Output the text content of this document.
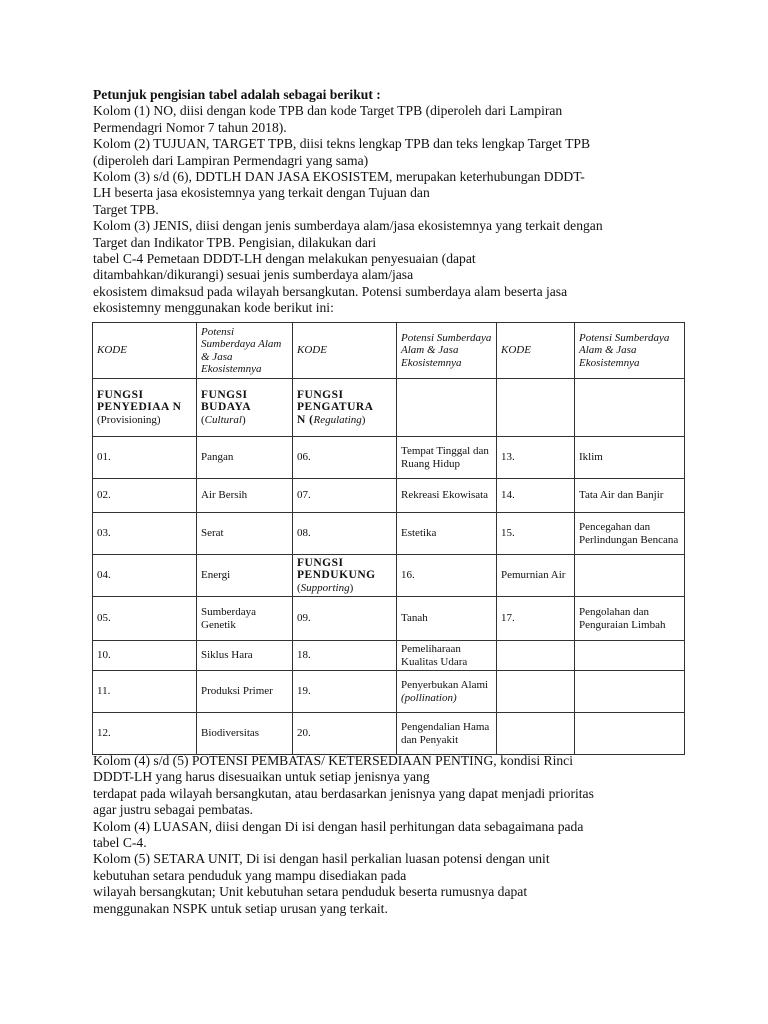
Petunjuk pengisian tabel adalah sebagai berikut :
Kolom (1) NO, diisi dengan kode TPB dan kode Target TPB (diperoleh dari Lampiran
Permendagri Nomor 7 tahun 2018).
Kolom (2) TUJUAN, TARGET TPB, diisi tekns lengkap TPB dan teks lengkap Target TPB
(diperoleh dari Lampiran Permendagri yang sama)
Kolom (3) s/d (6), DDTLH DAN JASA EKOSISTEM, merupakan keterhubungan DDDT-
LH beserta jasa ekosistemnya yang terkait dengan Tujuan dan
Target TPB.
Kolom (3) JENIS, diisi dengan jenis sumberdaya alam/jasa ekosistemnya yang terkait dengan
Target dan Indikator TPB. Pengisian, dilakukan dari
tabel C-4 Pemetaan DDDT-LH dengan melakukan penyesuaian (dapat
ditambahkan/dikurangi) sesuai jenis sumberdaya alam/jasa
ekosistem dimaksud pada wilayah bersangkutan. Potensi sumberdaya alam beserta jasa
ekosistemny menggunakan kode berikut ini:
KODE	Potensi Sumberdaya Alam & Jasa Ekosistemnya	KODE	Potensi Sumberdaya Alam & Jasa Ekosistemnya	KODE	Potensi Sumberdaya Alam & Jasa Ekosistemnya

FUNGSI PENYEDIAA N
(Provisioning)	FUNGSI BUDAYA
(Cultural)	FUNGSI PENGATURA
N (Regulating)			

01.	Pangan	06.	Tempat Tinggal dan Ruang Hidup	13.	Iklim
02.	Air Bersih	07.	Rekreasi Ekowisata	14.	Tata Air dan Banjir
03.	Serat	08.	Estetika	15.	Pencegahan dan Perlindungan Bencana
04.	Energi	FUNGSI PENDUKUNG
(Supporting)	16.	Pemurnian Air	
05.	Sumberdaya Genetik	09.	Tanah	17.	Pengolahan dan Penguraian Limbah
10.	Siklus Hara	18.	Pemeliharaan Kualitas Udara		
11.	Produksi Primer	19.	Penyerbukan Alami
(pollination)		

12.	Biodiversitas	20.	Pengendalian Hama dan Penyakit		
Kolom (4) s/d (5) POTENSI PEMBATAS/ KETERSEDIAAN PENTING, kondisi Rinci
DDDT-LH yang harus disesuaikan untuk setiap jenisnya yang
terdapat pada wilayah bersangkutan, atau berdasarkan jenisnya yang dapat menjadi prioritas
agar justru sebagai pembatas.
Kolom (4) LUASAN, diisi dengan Di isi dengan hasil perhitungan data sebagaimana pada
tabel C-4.
Kolom (5) SETARA UNIT, Di isi dengan hasil perkalian luasan potensi dengan unit
kebutuhan setara penduduk yang mampu disediakan pada
wilayah bersangkutan; Unit kebutuhan setara penduduk beserta rumusnya dapat
menggunakan NSPK untuk setiap urusan yang terkait.
